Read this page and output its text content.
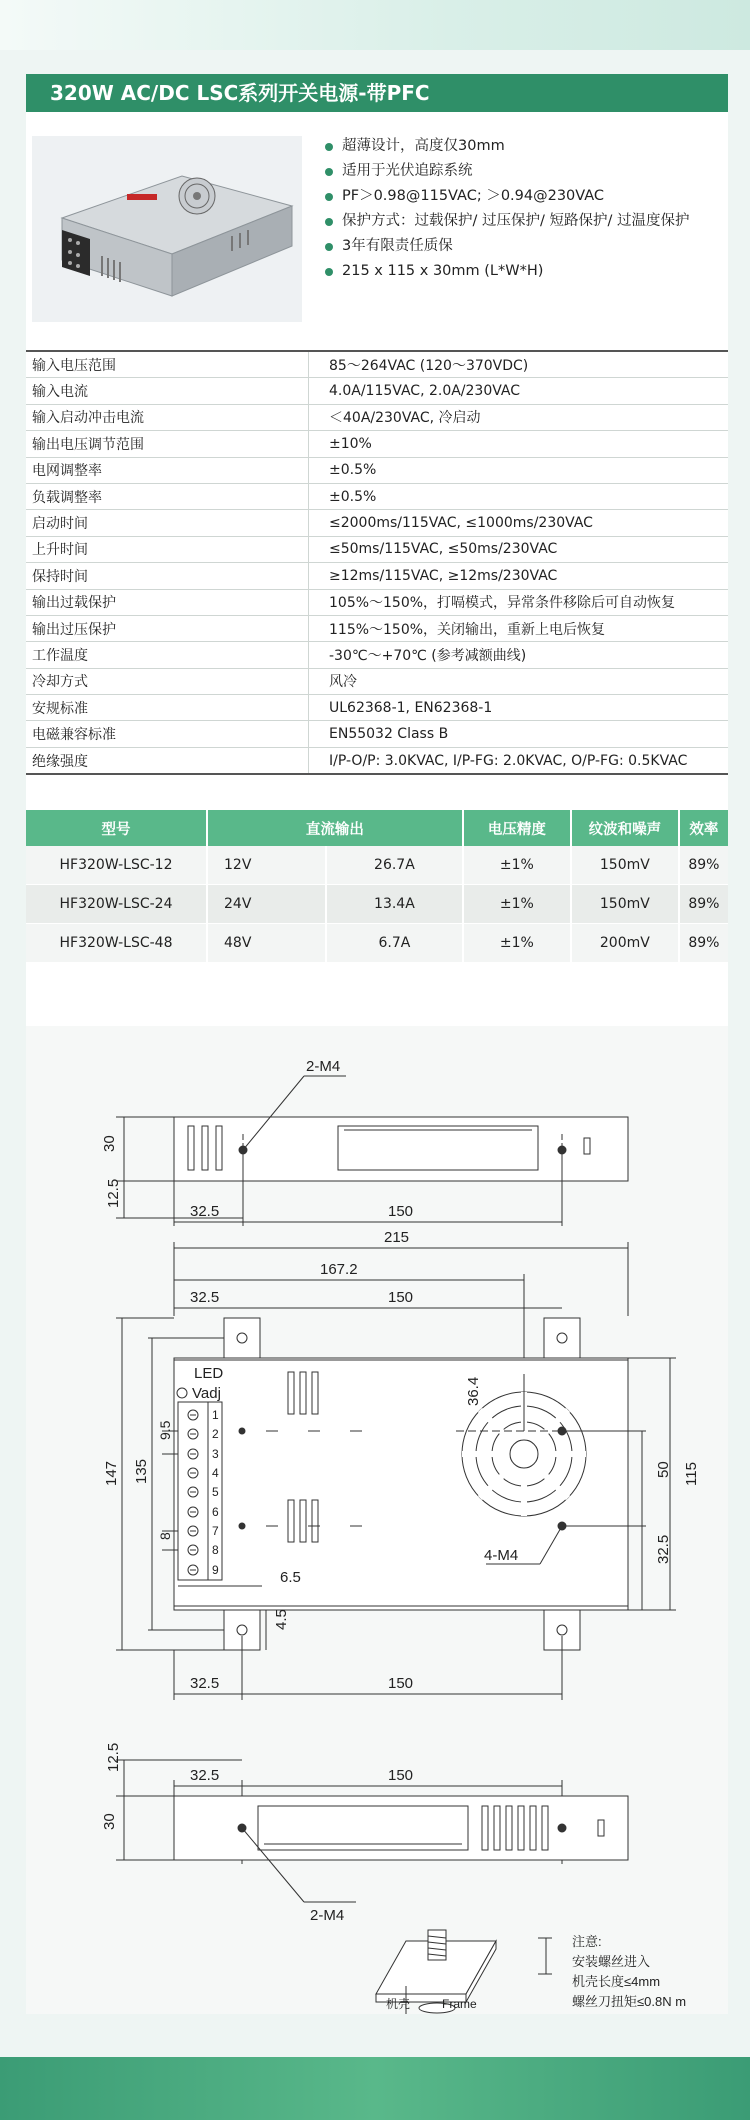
320W AC/DC LSC系列开关电源-带PFC
超薄设计，高度仅30mm
适用于光伏追踪系统
PF＞0.98@115VAC; ＞0.94@230VAC
保护方式：过载保护/ 过压保护/ 短路保护/ 过温度保护
3年有限责任质保
215 x 115 x 30mm (L*W*H)
输入电压范围	85～264VAC (120～370VDC)
输入电流	4.0A/115VAC, 2.0A/230VAC
输入启动冲击电流	＜40A/230VAC, 冷启动
输出电压调节范围	±10%
电网调整率	±0.5%
负载调整率	±0.5%
启动时间	≤2000ms/115VAC, ≤1000ms/230VAC
上升时间	≤50ms/115VAC, ≤50ms/230VAC
保持时间	≥12ms/115VAC, ≥12ms/230VAC
输出过载保护	105%～150%，打嗝模式，异常条件移除后可自动恢复
输出过压保护	115%～150%，关闭输出，重新上电后恢复
工作温度	-30℃～+70℃ (参考减额曲线)
冷却方式	风冷
安规标准	UL62368-1, EN62368-1
电磁兼容标准	EN55032 Class B
绝缘强度	I/P-O/P: 3.0KVAC, I/P-FG: 2.0KVAC, O/P-FG: 0.5KVAC
型号	直流输出		电压精度	纹波和噪声	效率
HF320W-LSC-12	12V	26.7A	±1%	150mV	89%
HF320W-LSC-24	24V	13.4A	±1%	150mV	89%
HF320W-LSC-48	48V	6.7A	±1%	200mV	89%
2-M4
30
12.5
32.5	150
215
167.2
32.5	150
1
2
3
4
5
6
7
8
9
LED
Vadj	36.4
4-M4
147 135
9.5
8
6.5
115
50
32.5
4.5
32.5	150
12.5
32.5	150
30
2-M4
机壳	Frame
注意:
安装螺丝进入
机壳长度≤4mm
螺丝刀扭矩≤0.8N m
